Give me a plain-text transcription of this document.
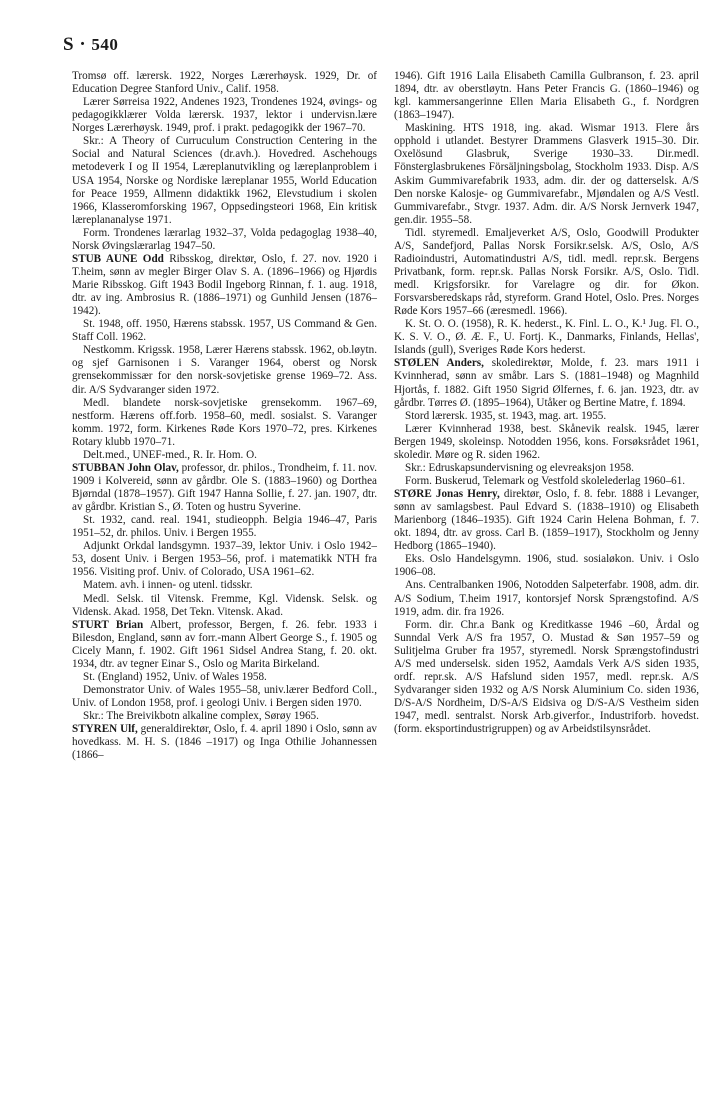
S · 540

Tromsø off. lærersk. 1922, Norges Lærerhøysk. 1929, Dr. of Education Degree Stanford Univ., Calif. 1958.

Lærer Sørreisa 1922, Andenes 1923, Trondenes 1924, øvings- og pedagogikklærer Volda lærersk. 1937, lektor i undervisn.lære Norges Lærerhøysk. 1949, prof. i prakt. pedagogikk der 1967–70.

Skr.: A Theory of Curruculum Construction Centering in the Social and Natural Sciences (dr.avh.). Hovedred. Aschehougs metodeverk I og II 1954, Læreplanutvikling og læreplanproblem i USA 1954, Norske og Nordiske læreplanar 1955, World Education for Peace 1959, Allmenn didaktikk 1962, Elevstudium i skolen 1966, Klasseromforsking 1967, Oppsedingsteori 1968, Ein kritisk læreplananalyse 1971.

Form. Trondenes lærarlag 1932–37, Volda pedagoglag 1938–40, Norsk Øvingslærarlag 1947–50.

STUB AUNE Odd Ribsskog, direktør, Oslo, f. 27. nov. 1920 i T.heim, sønn av megler Birger Olav S. A. (1896–1966) og Hjørdis Marie Ribsskog. Gift 1943 Bodil Ingeborg Rinnan, f. 1. aug. 1918, dtr. av ing. Ambrosius R. (1886–1971) og Gunhild Jensen (1876–1942).

St. 1948, off. 1950, Hærens stabssk. 1957, US Command & Gen. Staff Coll. 1962.

Nestkomm. Krigssk. 1958, Lærer Hærens stabssk. 1962, ob.løytn. og sjef Garnisonen i S. Varanger 1964, oberst og Norsk grensekommissær for den norsk-sovjetiske grense 1969–72. Ass. dir. A/S Sydvaranger siden 1972.

Medl. blandete norsk-sovjetiske grensekomm. 1967–69, nestform. Hærens off.forb. 1958–60, medl. sosialst. S. Varanger komm. 1972, form. Kirkenes Røde Kors 1970–72, pres. Kirkenes Rotary klubb 1970–71.

Delt.med., UNEF-med., R. Ir. Hom. O.

STUBBAN John Olav, professor, dr. philos., Trondheim, f. 11. nov. 1909 i Kolvereid, sønn av gårdbr. Ole S. (1883–1960) og Dorthea Bjørndal (1878–1957). Gift 1947 Hanna Sollie, f. 27. jan. 1907, dtr. av gårdbr. Kristian S., Ø. Toten og hustru Syverine.

St. 1932, cand. real. 1941, studieopph. Belgia 1946–47, Paris 1951–52, dr. philos. Univ. i Bergen 1955.

Adjunkt Orkdal landsgymn. 1937–39, lektor Univ. i Oslo 1942–53, dosent Univ. i Bergen 1953–56, prof. i matematikk NTH fra 1956. Visiting prof. Univ. of Colorado, USA 1961–62.

Matem. avh. i innen- og utenl. tidsskr.

Medl. Selsk. til Vitensk. Fremme, Kgl. Vidensk. Selsk. og Vidensk. Akad. 1958, Det Tekn. Vitensk. Akad.

STURT Brian Albert, professor, Bergen, f. 26. febr. 1933 i Bilesdon, England, sønn av forr.-mann Albert George S., f. 1905 og Cicely Mann, f. 1902. Gift 1961 Sidsel Andrea Stang, f. 20. okt. 1934, dtr. av tegner Einar S., Oslo og Marita Birkeland.

St. (England) 1952, Univ. of Wales 1958.

Demonstrator Univ. of Wales 1955–58, univ.lærer Bedford Coll., Univ. of London 1958, prof. i geologi Univ. i Bergen siden 1970.

Skr.: The Breivikbotn alkaline complex, Sørøy 1965.

STYREN Ulf, generaldirektør, Oslo, f. 4. april 1890 i Oslo, sønn av hovedkass. M. H. S. (1846 –1917) og Inga Othilie Johannessen (1866–

1946). Gift 1916 Laila Elisabeth Camilla Gulbranson, f. 23. april 1894, dtr. av oberstløytn. Hans Peter Francis G. (1860–1946) og kgl. kammersangerinne Ellen Maria Elisabeth G., f. Nordgren (1863–1947).

Maskining. HTS 1918, ing. akad. Wismar 1913. Flere års opphold i utlandet. Bestyrer Drammens Glasverk 1915–30. Dir. Oxelösund Glasbruk, Sverige 1930–33. Dir.medl. Fönsterglasbrukenes Försäljningsbolag, Stockholm 1933. Disp. A/S Askim Gummivarefabrik 1933, adm. dir. der og datterselsk. A/S Den norske Kalosje- og Gummivarefabr., Mjøndalen og A/S Vestl. Gummivarefabr., Stvgr. 1937. Adm. dir. A/S Norsk Jernverk 1947, gen.dir. 1955–58.

Tidl. styremedl. Emaljeverket A/S, Oslo, Goodwill Produkter A/S, Sandefjord, Pallas Norsk Forsikr.selsk. A/S, Oslo, A/S Radioindustri, Automatindustri A/S, tidl. medl. repr.sk. Bergens Privatbank, form. repr.sk. Pallas Norsk Forsikr. A/S, Oslo. Tidl. medl. Krigsforsikr. for Varelagre og dir. for Økon. Forsvarsberedskaps råd, styreform. Grand Hotel, Oslo. Pres. Norges Røde Kors 1957–66 (æresmedl. 1966).

K. St. O. O. (1958), R. K. hederst., K. Finl. L. O., K.¹ Jug. Fl. O., K. S. V. O., Ø. Æ. F., U. Fortj. K., Danmarks, Finlands, Hellas', Islands (gull), Sveriges Røde Kors hederst.

STØLEN Anders, skoledirektør, Molde, f. 23. mars 1911 i Kvinnherad, sønn av småbr. Lars S. (1881–1948) og Magnhild Hjortås, f. 1882. Gift 1950 Sigrid Ølfernes, f. 6. jan. 1923, dtr. av gårdbr. Tørres Ø. (1895–1964), Utåker og Bertine Matre, f. 1894.

Stord lærersk. 1935, st. 1943, mag. art. 1955.

Lærer Kvinnherad 1938, best. Skånevik realsk. 1945, lærer Bergen 1949, skoleinsp. Notodden 1956, kons. Forsøksrådet 1961, skoledir. Møre og R. siden 1962.

Skr.: Edruskapsundervisning og elevreaksjon 1958.

Form. Buskerud, Telemark og Vestfold skolelederlag 1960–61.

STØRE Jonas Henry, direktør, Oslo, f. 8. febr. 1888 i Levanger, sønn av samlagsbest. Paul Edvard S. (1838–1910) og Elisabeth Marienborg (1846–1935). Gift 1924 Carin Helena Bohman, f. 7. okt. 1894, dtr. av gross. Carl B. (1859–1917), Stockholm og Jenny Hedborg (1865–1940).

Eks. Oslo Handelsgymn. 1906, stud. sosialøkon. Univ. i Oslo 1906–08.

Ans. Centralbanken 1906, Notodden Salpeterfabr. 1908, adm. dir. A/S Sodium, T.heim 1917, kontorsjef Norsk Sprængstofind. A/S 1919, adm. dir. fra 1926.

Form. dir. Chr.a Bank og Kreditkasse 1946 –60, Årdal og Sunndal Verk A/S fra 1957, O. Mustad & Søn 1957–59 og Sulitjelma Gruber fra 1957, styremedl. Norsk Sprængstofindustri A/S med underselsk. siden 1952, Aamdals Verk A/S siden 1935, ordf. repr.sk. A/S Hafslund siden 1957, medl. repr.sk. A/S Sydvaranger siden 1932 og A/S Norsk Aluminium Co. siden 1936, D/S-A/S Nordheim, D/S-A/S Eidsiva og D/S-A/S Vestheim siden 1947, medl. sentralst. Norsk Arb.giverfor., Industriforb. hovedst. (form. eksportindustrigruppen) og av Arbeidstilsynsrådet.
